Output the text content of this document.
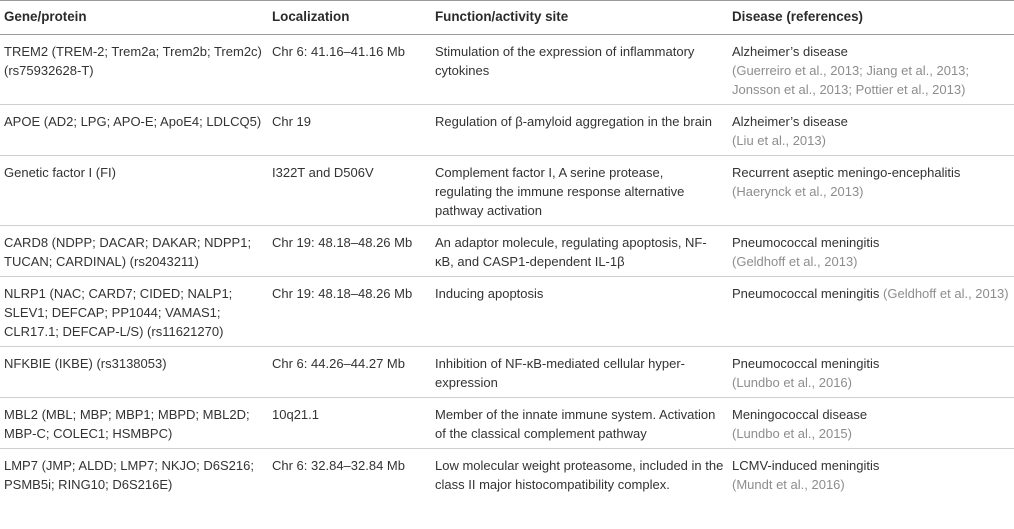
Gene/protein	Localization	Function/activity site	Disease (references)
TREM2 (TREM-2; Trem2a; Trem2b; Trem2c) (rs75932628-T)	Chr 6: 41.16–41.16 Mb	Stimulation of the expression of inflammatory cytokines	Alzheimer’s disease
(Guerreiro et al., 2013; Jiang et al., 2013; Jonsson et al., 2013; Pottier et al., 2013)
APOE (AD2; LPG; APO-E; ApoE4; LDLCQ5)	Chr 19	Regulation of β-amyloid aggregation in the brain	Alzheimer’s disease
(Liu et al., 2013)
Genetic factor I (FI)	I322T and D506V	Complement factor I, A serine protease, regulating the immune response alternative pathway activation	Recurrent aseptic meningo-encephalitis
(Haerynck et al., 2013)
CARD8 (NDPP; DACAR; DAKAR; NDPP1; TUCAN; CARDINAL) (rs2043211)	Chr 19: 48.18–48.26 Mb	An adaptor molecule, regulating apoptosis, NF-κB, and CASP1-dependent IL-1β	Pneumococcal meningitis
(Geldhoff et al., 2013)
NLRP1 (NAC; CARD7; CIDED; NALP1; SLEV1; DEFCAP; PP1044; VAMAS1; CLR17.1; DEFCAP-L/S) (rs11621270)	Chr 19: 48.18–48.26 Mb	Inducing apoptosis	Pneumococcal meningitis (Geldhoff et al., 2013)
NFKBIE (IKBE) (rs3138053)	Chr 6: 44.26–44.27 Mb	Inhibition of NF-κB-mediated cellular hyper-expression	Pneumococcal meningitis
(Lundbo et al., 2016)
MBL2 (MBL; MBP; MBP1; MBPD; MBL2D; MBP-C; COLEC1; HSMBPC)	10q21.1	Member of the innate immune system. Activation of the classical complement pathway	Meningococcal disease
(Lundbo et al., 2015)
LMP7 (JMP; ALDD; LMP7; NKJO; D6S216; PSMB5i; RING10; D6S216E)	Chr 6: 32.84–32.84 Mb	Low molecular weight proteasome, included in the class II major histocompatibility complex.	LCMV-induced meningitis
(Mundt et al., 2016)
